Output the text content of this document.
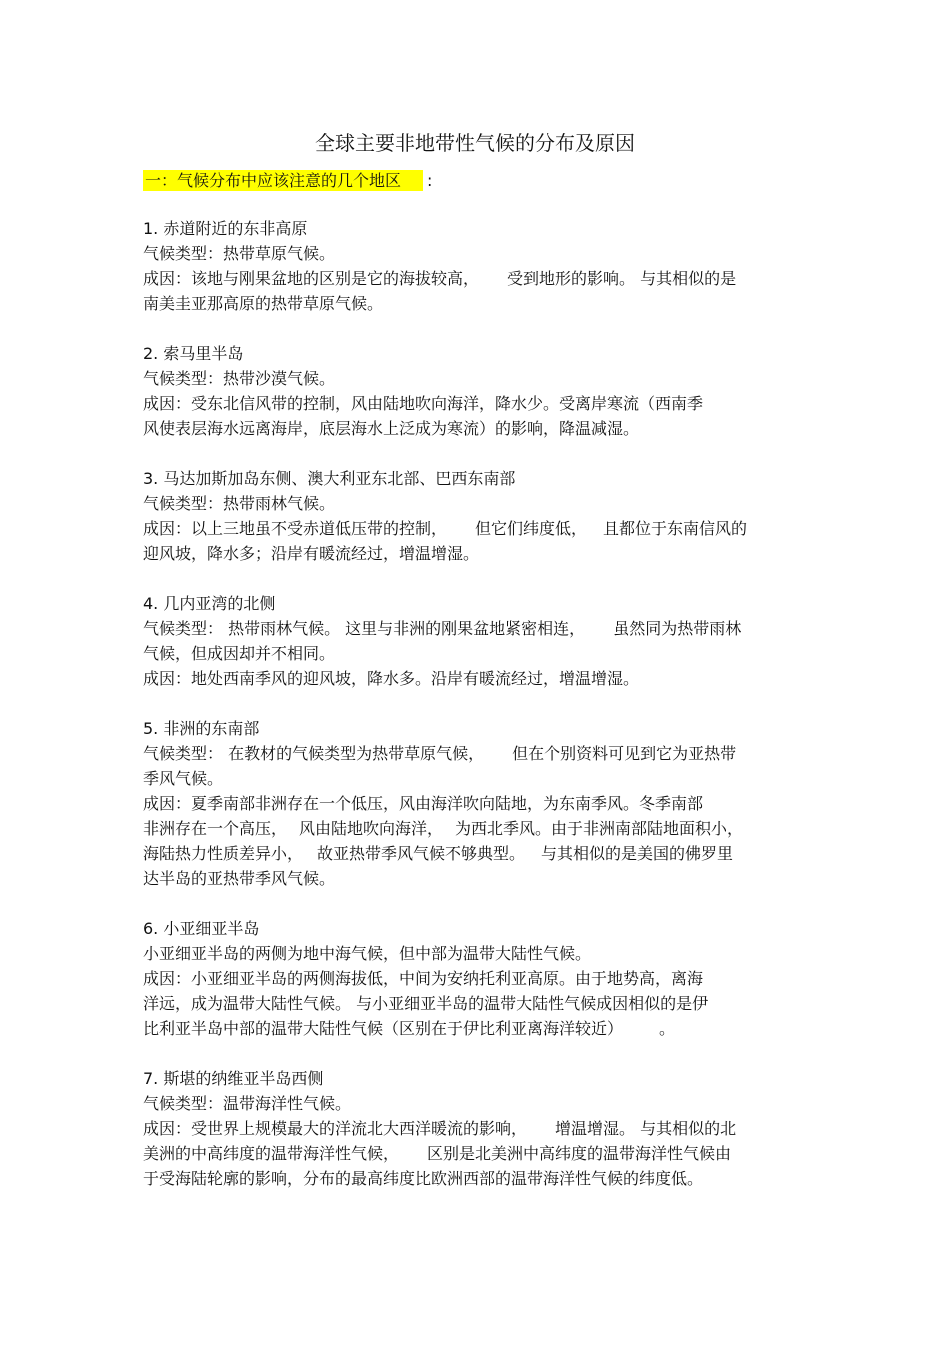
全球主要非地带性气候的分布及原因
一：气候分布中应该注意的几个地区 :
1. 赤道附近的东非高原
气候类型：热带草原气候。
成因：该地与刚果盆地的区别是它的海拔较高， 受到地形的影响。 与其相似的是
南美圭亚那高原的热带草原气候。
2. 索马里半岛
气候类型：热带沙漠气候。
成因：受东北信风带的控制，风由陆地吹向海洋，降水少。受离岸寒流（西南季
风使表层海水远离海岸，底层海水上泛成为寒流）的影响，降温减湿。
3. 马达加斯加岛东侧、澳大利亚东北部、巴西东南部
气候类型：热带雨林气候。
成因：以上三地虽不受赤道低压带的控制， 但它们纬度低， 且都位于东南信风的
迎风坡，降水多；沿岸有暖流经过，增温增湿。
4. 几内亚湾的北侧
气候类型： 热带雨林气候。 这里与非洲的刚果盆地紧密相连， 虽然同为热带雨林
气候，但成因却并不相同。
成因：地处西南季风的迎风坡，降水多。沿岸有暖流经过，增温增湿。
5. 非洲的东南部
气候类型： 在教材的气候类型为热带草原气候， 但在个别资料可见到它为亚热带
季风气候。
成因：夏季南部非洲存在一个低压，风由海洋吹向陆地，为东南季风。冬季南部
非洲存在一个高压， 风由陆地吹向海洋， 为西北季风。由于非洲南部陆地面积小，
海陆热力性质差异小， 故亚热带季风气候不够典型。 与其相似的是美国的佛罗里
达半岛的亚热带季风气候。
6. 小亚细亚半岛
小亚细亚半岛的两侧为地中海气候，但中部为温带大陆性气候。
成因：小亚细亚半岛的两侧海拔低，中间为安纳托利亚高原。由于地势高，离海
洋远，成为温带大陆性气候。 与小亚细亚半岛的温带大陆性气候成因相似的是伊
比利亚半岛中部的温带大陆性气候（区别在于伊比利亚离海洋较近） 。
7. 斯堪的纳维亚半岛西侧
气候类型：温带海洋性气候。
成因：受世界上规模最大的洋流北大西洋暖流的影响， 增温增湿。 与其相似的北
美洲的中高纬度的温带海洋性气候， 区别是北美洲中高纬度的温带海洋性气候由
于受海陆轮廓的影响，分布的最高纬度比欧洲西部的温带海洋性气候的纬度低。
